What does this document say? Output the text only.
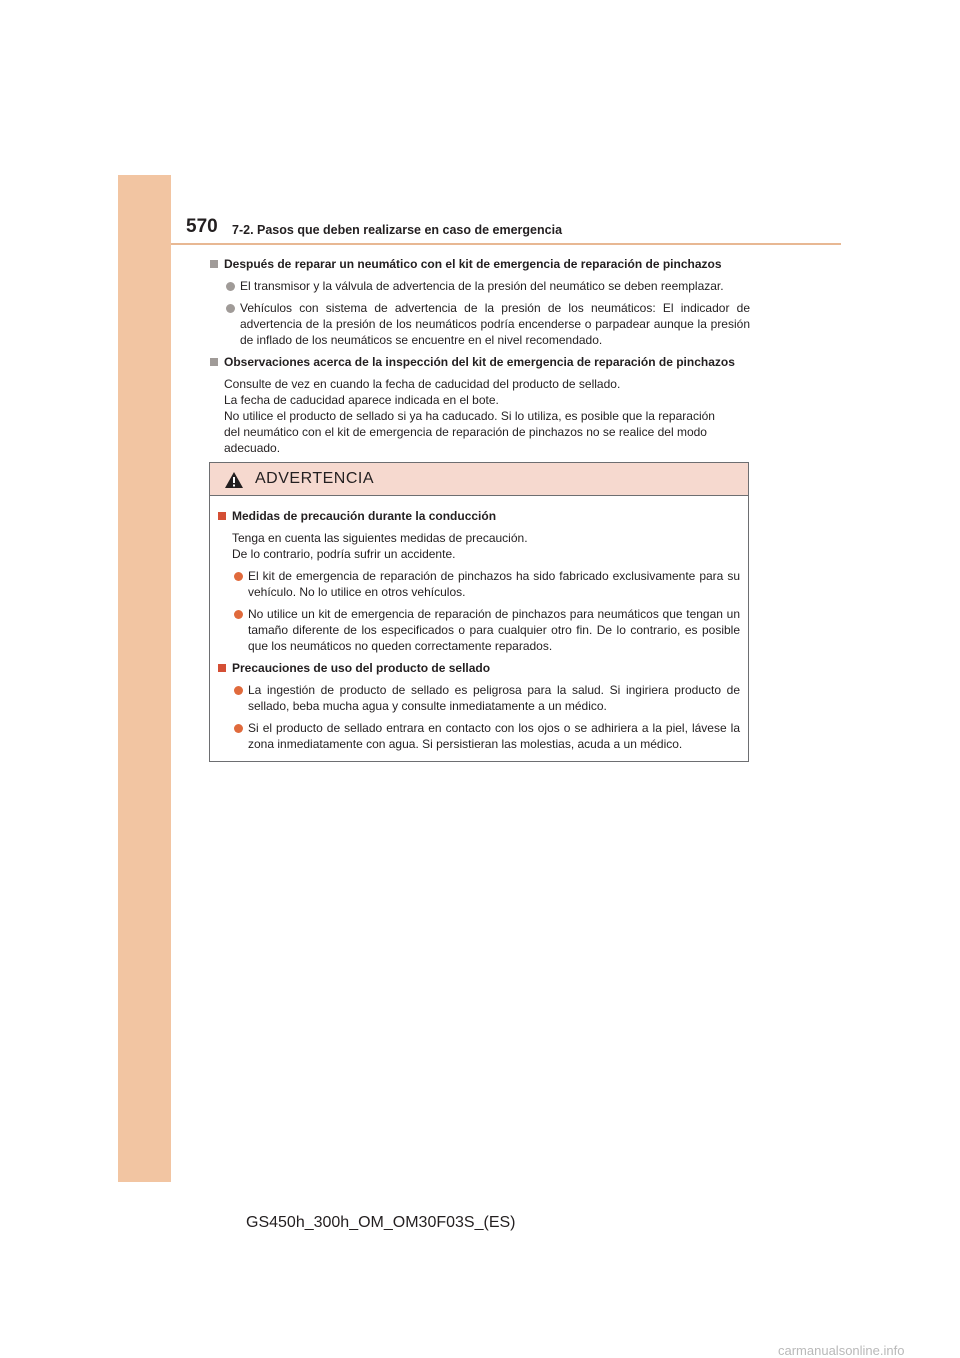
570 7-2. Pasos que deben realizarse en caso de emergencia
Después de reparar un neumático con el kit de emergencia de reparación de pinchazos
El transmisor y la válvula de advertencia de la presión del neumático se deben reemplazar.
Vehículos con sistema de advertencia de la presión de los neumáticos: El indicador de advertencia de la presión de los neumáticos podría encenderse o parpadear aunque la presión de inflado de los neumáticos se encuentre en el nivel recomendado.
Observaciones acerca de la inspección del kit de emergencia de reparación de pinchazos
Consulte de vez en cuando la fecha de caducidad del producto de sellado.
La fecha de caducidad aparece indicada en el bote.
No utilice el producto de sellado si ya ha caducado. Si lo utiliza, es posible que la reparación
del neumático con el kit de emergencia de reparación de pinchazos no se realice del modo
adecuado.
ADVERTENCIA
Medidas de precaución durante la conducción
Tenga en cuenta las siguientes medidas de precaución.
De lo contrario, podría sufrir un accidente.
El kit de emergencia de reparación de pinchazos ha sido fabricado exclusivamente para su vehículo. No lo utilice en otros vehículos.
No utilice un kit de emergencia de reparación de pinchazos para neumáticos que tengan un tamaño diferente de los especificados o para cualquier otro fin. De lo contrario, es posible que los neumáticos no queden correctamente reparados.
Precauciones de uso del producto de sellado
La ingestión de producto de sellado es peligrosa para la salud. Si ingiriera producto de sellado, beba mucha agua y consulte inmediatamente a un médico.
Si el producto de sellado entrara en contacto con los ojos o se adhiriera a la piel, lávese la zona inmediatamente con agua. Si persistieran las molestias, acuda a un médico.
GS450h_300h_OM_OM30F03S_(ES)
carmanualsonline.info
